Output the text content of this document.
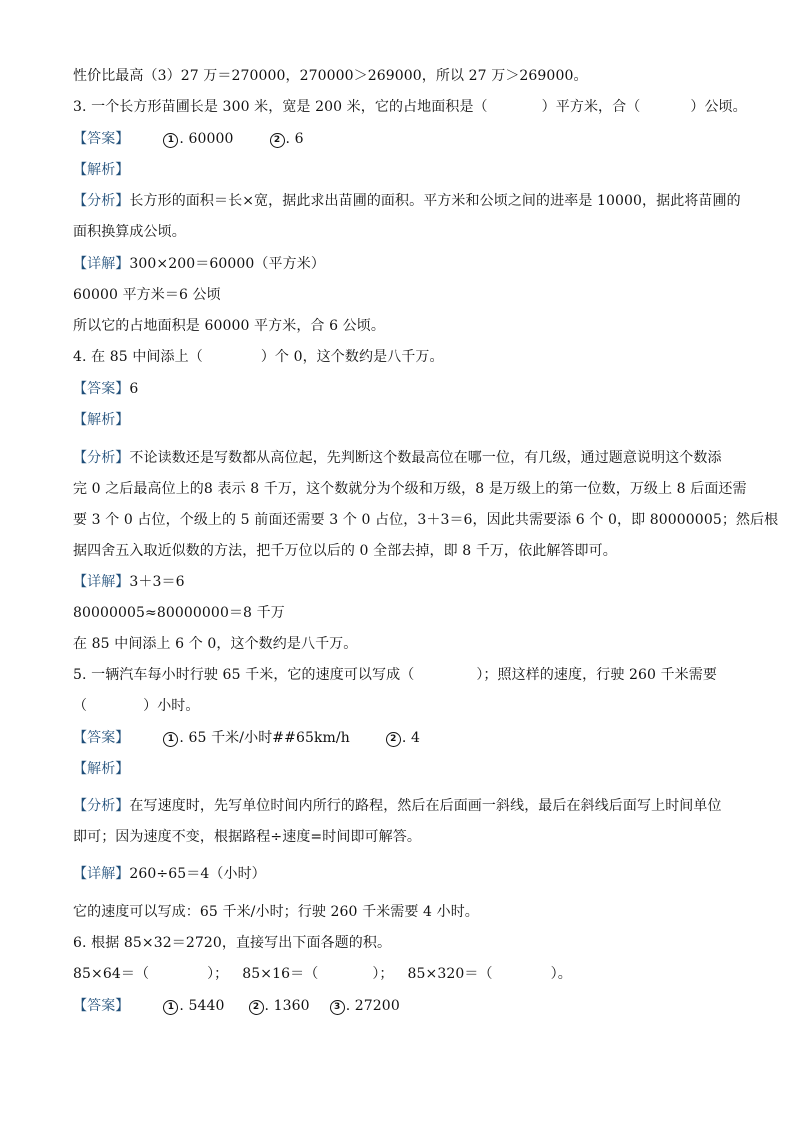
性价比最高（3）27 万＝270000，270000＞269000，所以 27 万＞269000。
3. 一个长方形苗圃长是 300 米，宽是 200 米，它的占地面积是（	）平方米，合（	）公顷。
【答案】	1 . 60000	2 . 6
【解析】
【分析】长方形的面积＝长×宽，据此求出苗圃的面积。平方米和公顷之间的进率是 10000，据此将苗圃的
面积换算成公顷。
【详解】300×200＝60000（平方米）
60000 平方米＝6 公顷
所以它的占地面积是 60000 平方米，合 6 公顷。
4. 在 85 中间添上（	）个 0，这个数约是八千万。
【答案】6
【解析】
【分析】不论读数还是写数都从高位起，先判断这个数最高位在哪一位，有几级，通过题意说明这个数添
完 0 之后最高位上的8 表示 8 千万，这个数就分为个级和万级，8 是万级上的第一位数，万级上 8 后面还需
要 3 个 0 占位，个级上的 5 前面还需要 3 个 0 占位，3＋3＝6，因此共需要添 6 个 0，即 80000005；然后根
据四舍五入取近似数的方法，把千万位以后的 0 全部去掉，即 8 千万，依此解答即可。
【详解】3＋3＝6
80000005≈80000000＝8 千万
在 85 中间添上 6 个 0，这个数约是八千万。
5. 一辆汽车每小时行驶 65 千米，它的速度可以写成（	）；照这样的速度，行驶 260 千米需要
（	）小时。
【答案】	1 . 65 千米/小时##65km/h	2 . 4
【解析】
【分析】在写速度时，先写单位时间内所行的路程，然后在后面画一斜线，最后在斜线后面写上时间单位
即可；因为速度不变，根据路程÷速度=时间即可解答。
【详解】260÷65＝4（小时）
它的速度可以写成：65 千米/小时；行驶 260 千米需要 4 小时。
6. 根据 85×32＝2720，直接写出下面各题的积。
85×64＝（	）； 85×16＝（	）； 85×320＝（	）。
【答案】	1 . 5440	2 . 1360	3 . 27200
